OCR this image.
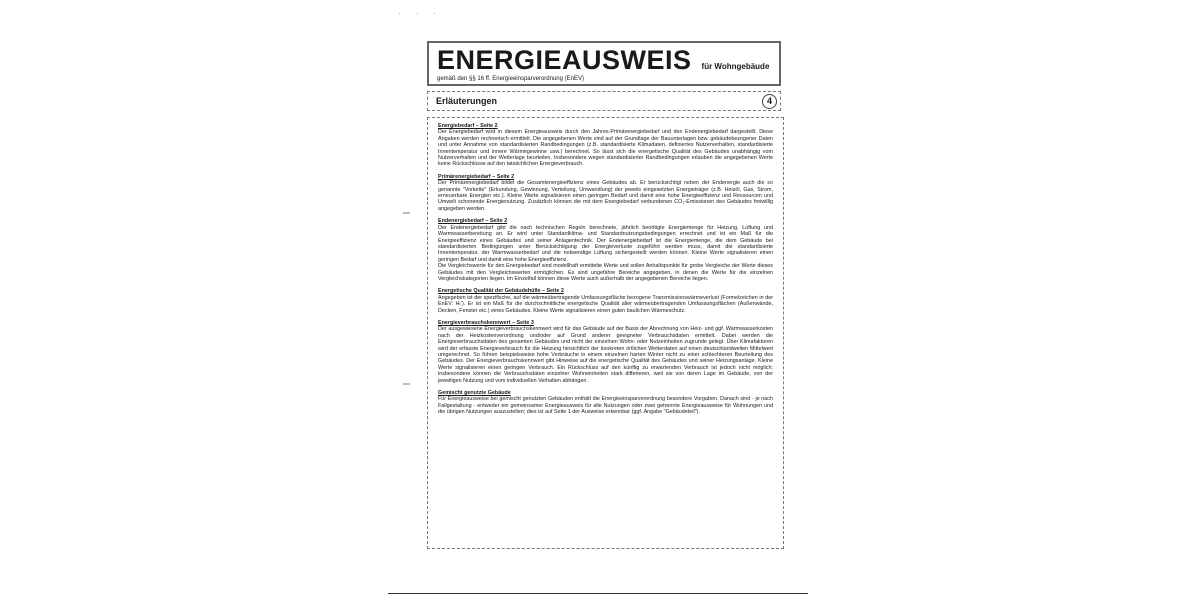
· · ·
ENERGIEAUSWEIS für Wohngebäude
gemäß den §§ 16 ff. Energieeinsparverordnung (EnEV)
Erläuterungen	4
Energiebedarf – Seite 2
Der Energiebedarf wird in diesem Energieausweis durch den Jahres-Primärenergiebedarf und den Endenergiebedarf dargestellt. Diese Angaben werden rechnerisch ermittelt. Die angegebenen Werte sind auf der Grundlage der Bauunterlagen bzw. gebäudebezogener Daten und unter Annahme von standardisierten Randbedingungen (z.B. standardisierte Klimadaten, definiertes Nutzerverhalten, standardisierte Innentemperatur und innere Wärmegewinne usw.) berechnet. So lässt sich die energetische Qualität des Gebäudes unabhängig vom Nutzerverhalten und der Wetterlage beurteilen. Insbesondere wegen standardisierter Randbedingungen erlauben die angegebenen Werte keine Rückschlüsse auf den tatsächlichen Energieverbrauch.
Primärenergiebedarf – Seite 2
Der Primärenergiebedarf bildet die Gesamtenergieeffizienz eines Gebäudes ab. Er berücksichtigt neben der Endenergie auch die so genannte "Vorkette" (Erkundung, Gewinnung, Verteilung, Umwandlung) der jeweils eingesetzten Energieträger (z.B. Heizöl, Gas, Strom, erneuerbare Energien etc.). Kleine Werte signalisieren einen geringen Bedarf und damit eine hohe Energieeffizienz und Ressourcen und Umwelt schonende Energienutzung. Zusätzlich können die mit dem Energiebedarf verbundenen CO₂-Emissionen des Gebäudes freiwillig angegeben werden.
Endenergiebedarf – Seite 2
Der Endenergiebedarf gibt die nach technischen Regeln berechnete, jährlich benötigte Energiemenge für Heizung, Lüftung und Warmwasserbereitung an. Er wird unter Standardklima- und Standardnutzungsbedingungen errechnet und ist ein Maß für die Energieeffizienz eines Gebäudes und seiner Anlagentechnik. Der Endenergiebedarf ist die Energiemenge, die dem Gebäude bei standardisierten Bedingungen unter Berücksichtigung der Energieverluste zugeführt werden muss, damit die standardisierte Innentemperatur, der Warmwasserbedarf und die notwendige Lüftung sichergestellt werden können. Kleine Werte signalisieren einen geringen Bedarf und damit eine hohe Energieeffizienz.
Die Vergleichswerte für den Energiebedarf sind modellhaft ermittelte Werte und sollen Anhaltspunkte für grobe Vergleiche der Werte dieses Gebäudes mit den Vergleichswerten ermöglichen. Es sind ungefähre Bereiche angegeben, in denen die Werte für die einzelnen Vergleichskategorien liegen. Im Einzelfall können diese Werte auch außerhalb der angegebenen Bereiche liegen.
Energetische Qualität der Gebäudehülle – Seite 2
Angegeben ist der spezifische, auf die wärmeübertragende Umfassungsfläche bezogene Transmissionswärmeverlust (Formelzeichen in der EnEV: Hₜ'). Er ist ein Maß für die durchschnittliche energetische Qualität aller wärmeübertragenden Umfassungsflächen (Außenwände, Decken, Fenster etc.) eines Gebäudes. Kleine Werte signalisieren einen guten baulichen Wärmeschutz.
Energieverbrauchskennwert – Seite 3
Der ausgewiesene Energieverbrauchskennwert wird für das Gebäude auf der Basis der Abrechnung von Heiz- und ggf. Warmwasserkosten nach der Heizkostenverordnung und/oder auf Grund anderer geeigneter Verbrauchsdaten ermittelt. Dabei werden die Energieverbrauchsdaten des gesamten Gebäudes und nicht der einzelnen Wohn- oder Nutzeinheiten zugrunde gelegt. Über Klimafaktoren wird der erfasste Energieverbrauch für die Heizung hinsichtlich der konkreten örtlichen Wetterdaten auf einen deutschlandweiten Mittelwert umgerechnet. So führen beispielsweise hohe Verbräuche in einem einzelnen harten Winter nicht zu einer schlechteren Beurteilung des Gebäudes. Der Energieverbrauchskennwert gibt Hinweise auf die energetische Qualität des Gebäudes und seiner Heizungsanlage. Kleine Werte signalisieren einen geringen Verbrauch. Ein Rückschluss auf den künftig zu erwartenden Verbrauch ist jedoch nicht möglich; insbesondere können die Verbrauchsdaten einzelner Wohneinheiten stark differieren, weil sie von deren Lage im Gebäude, von der jeweiligen Nutzung und vom individuellen Verhalten abhängen.
Gemischt genutzte Gebäude
Für Energieausweise bei gemischt genutzten Gebäuden enthält die Energieeinsparverordnung besondere Vorgaben. Danach sind - je nach Fallgestaltung - entweder ein gemeinsamer Energieausweis für alle Nutzungen oder zwei getrennte Energieausweise für Wohnungen und die übrigen Nutzungen auszustellen; dies ist auf Seite 1 der Ausweise erkennbar (ggf. Angabe "Gebäudeteil").
